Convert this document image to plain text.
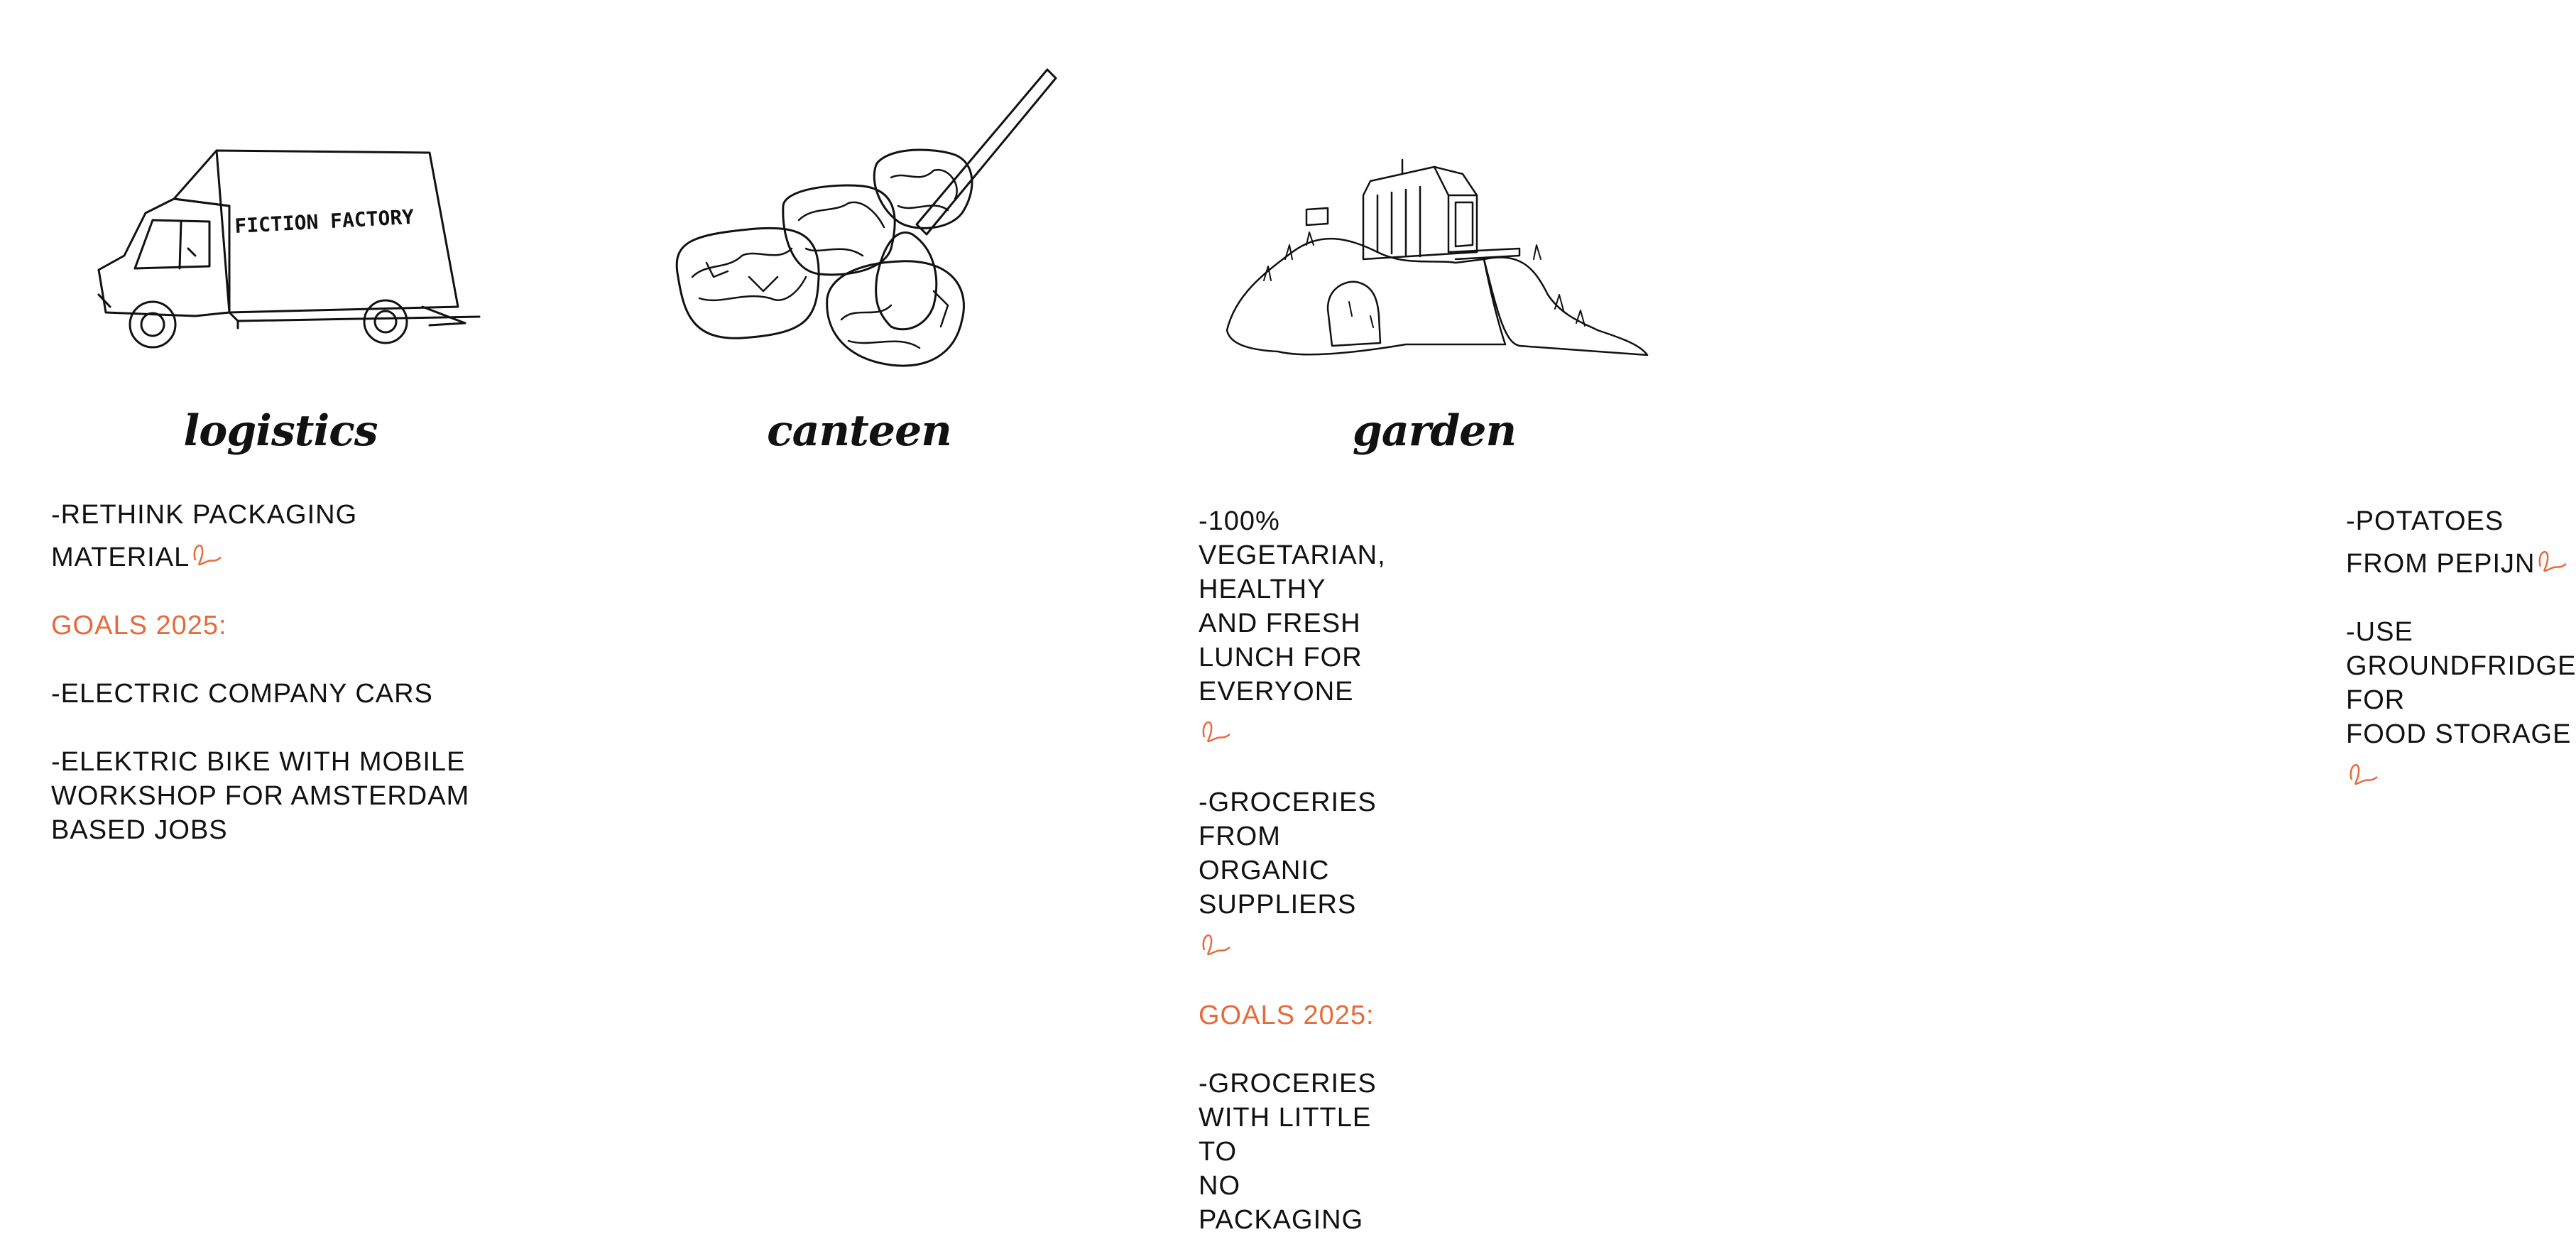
FICTION FACTORY
logistics
-RETHINK PACKAGING
MATERIAL
GOALS 2025:
-ELECTRIC COMPANY CARS
-ELEKTRIC BIKE WITH MOBILE
WORKSHOP FOR AMSTERDAM
BASED JOBS
canteen
-100% VEGETARIAN, HEALTHY
AND FRESH LUNCH FOR
EVERYONE
-GROCERIES FROM ORGANIC
SUPPLIERS
GOALS 2025:
-GROCERIES WITH LITTLE TO
NO PACKAGING
garden
-POTATOES FROM PEPIJN
-USE GROUNDFRIDGE FOR
FOOD STORAGE
